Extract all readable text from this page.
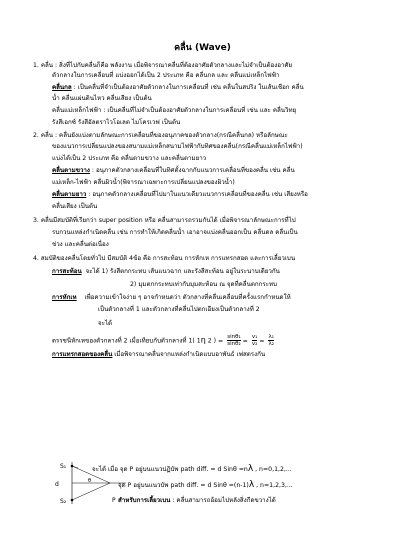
คลื่น (Wave)
1. คลื่น : สิ่งที่ไปกับคลื่นก็คือ พลังงาน เมื่อพิจารณาคลื่นที่ต้องอาศัยตัวกลางและไม่จำเป็นต้องอาศัย
ตัวกลางในการเคลื่อนที่ แบ่งออกได้เป็น 2 ประเภท คือ คลื่นกล และ คลื่นแม่เหล็กไฟฟ้า
คลื่นกล : เป็นคลื่นที่จำเป็นต้องอาศัยตัวกลางในการเคลื่อนที่ เช่น คลื่นในสปริง ในเส้นเชือก คลื่น
น้ำ คลื่นแผ่นดินไหว คลื่นเสียง เป็นต้น
คลื่นแม่เหล็กไฟฟ้า : เป็นคลื่นที่ไม่จำเป็นต้องอาศัยตัวกลางในการเคลื่อนที่ เช่น และ คลื่นวิทยุ
รังสีเอกซ์ รังสีอัลตราไวโอเลต ไมโครเวฟ เป็นต้น
2. คลื่น : คลื่นยังแบ่งตามลักษณะการเคลื่อนที่ของอนุภาคของตัวกลาง(กรณีคลื่นกล) หรือลักษณะ
ของแนวการเปลี่ยนแปลงของสนามแม่เหล็กสนามไฟฟ้ากับทิศของคลื่น(กรณีคลื่นแม่เหล็กไฟฟ้า)
แบ่งได้เป็น 2 ประเภท คือ คลื่นตามขวาง และคลื่นตามยาว
คลื่นตามขวาง : อนุภาคตัวกลางเคลื่อนที่ในทิศตั้งฉากกับแนวการเคลื่อนที่ของคลื่น เช่น คลื่น
แม่เหล็ก-ไฟฟ้า คลื่นผิวน้ำ(พิจารณาเฉพาะการเปลี่ยนแปลงของผิวน้ำ)
คลื่นตามยาว : อนุภาคตัวกลางเคลื่อนที่ไปมาในแนวเดียวแนวการเคลื่อนที่ของคลื่น เช่น เสียงหรือ
คลื่นเสียง เป็นต้น
3. คลื่นมีสมบัติที่เรียกว่า super position หรือ คลื่นสามารถรวมกันได้ เมื่อพิจารณาลักษณะการที่ไป
รบกวนแหล่งกำเนิดคลื่น เช่น การทำให้เกิดคลื่นน้ำ เอาอาจแบ่งคลื่นออกเป็น คลื่นดล คลื่นเป็น
ช่วง และคลื่นต่อเนื่อง
4. สมบัติของคลื่นโดยทั่วไป มีสมบัติ 4ข้อ คือ การสะท้อน การหักเห การแทรกสอด และการเลี้ยวเบน
การสะท้อน จะได้ 1) รังสีตกกระทบ เส้นแนวฉาก และรังสีสะท้อน อยู่ในระนาบเดียวกัน
2) มุมตกกระทบเท่ากับมุมสะท้อน ณ จุดที่คลื่นตกกระทบ
การหักเห เพื่อความเข้าใจง่าย ๆ อาจกำหนดว่า ตัวกลางที่คลื่นเคลื่อนที่ครั้งแรกกำหนดให้
เป็นตัวกลางที่ 1 และตัวกลางที่คลื่นไปตกเอียงเป็นตัวกลางที่ 2
จะได้
ดรรชนีหักเหของตัวกลางที่ 2 เมื่อเทียบกับตัวกลางที่ 1( 1η 2 ) = $\frac{\text{sinθ₁}}{\text{sinθ₂}} = \frac{\text{v₁}}{\text{v₂}} = \frac{\text{λ₁}}{\text{λ₂}}$
การแทรกสอดของคลื่น เมื่อพิจารณาคลื่นจากแหล่งกำเนิดแบบอาพันธ์ เฟสตรงกัน
S₁
S₂
d	θ
P
จะได้ เมื่อ จุด P อยู่บนแนวปฏิบัพ path diff. = d Sinθ =nλ , n=0,1,2,...
จุด P อยู่บนแนวบัพ path diff. = d Sinθ =(n-1)λ , n=1,2,3,...
สำหรับการเลี้ยวเบน : คลื่นสามารถอ้อมไปหลังสิ่งกีดขวางได้
